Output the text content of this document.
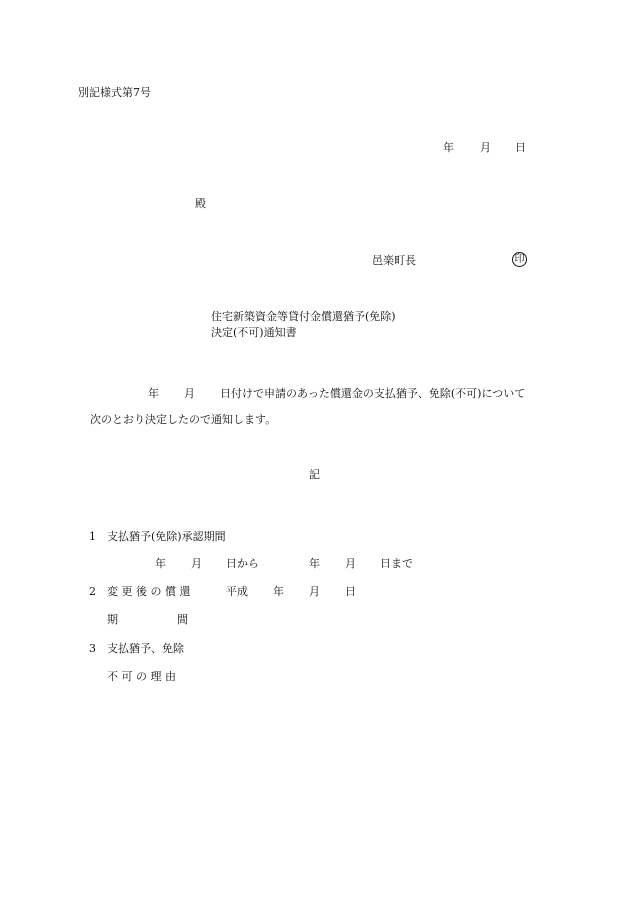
別記様式第7号
年 月 日
殿
邑楽町長	印
住宅新築資金等貸付金償還猶予(免除)
決定(不可)通知書
年 月 日付けで申請のあった償還金の支払猶予、免除(不可)について
次のとおり決定したので通知します。
記
1 支払猶予(免除)承認期間
年 月 日から	年 月 日まで
2 変 更 後 の 償 還	平成 年 月 日
期	間
3 支払猶予、免除
不 可 の 理 由
